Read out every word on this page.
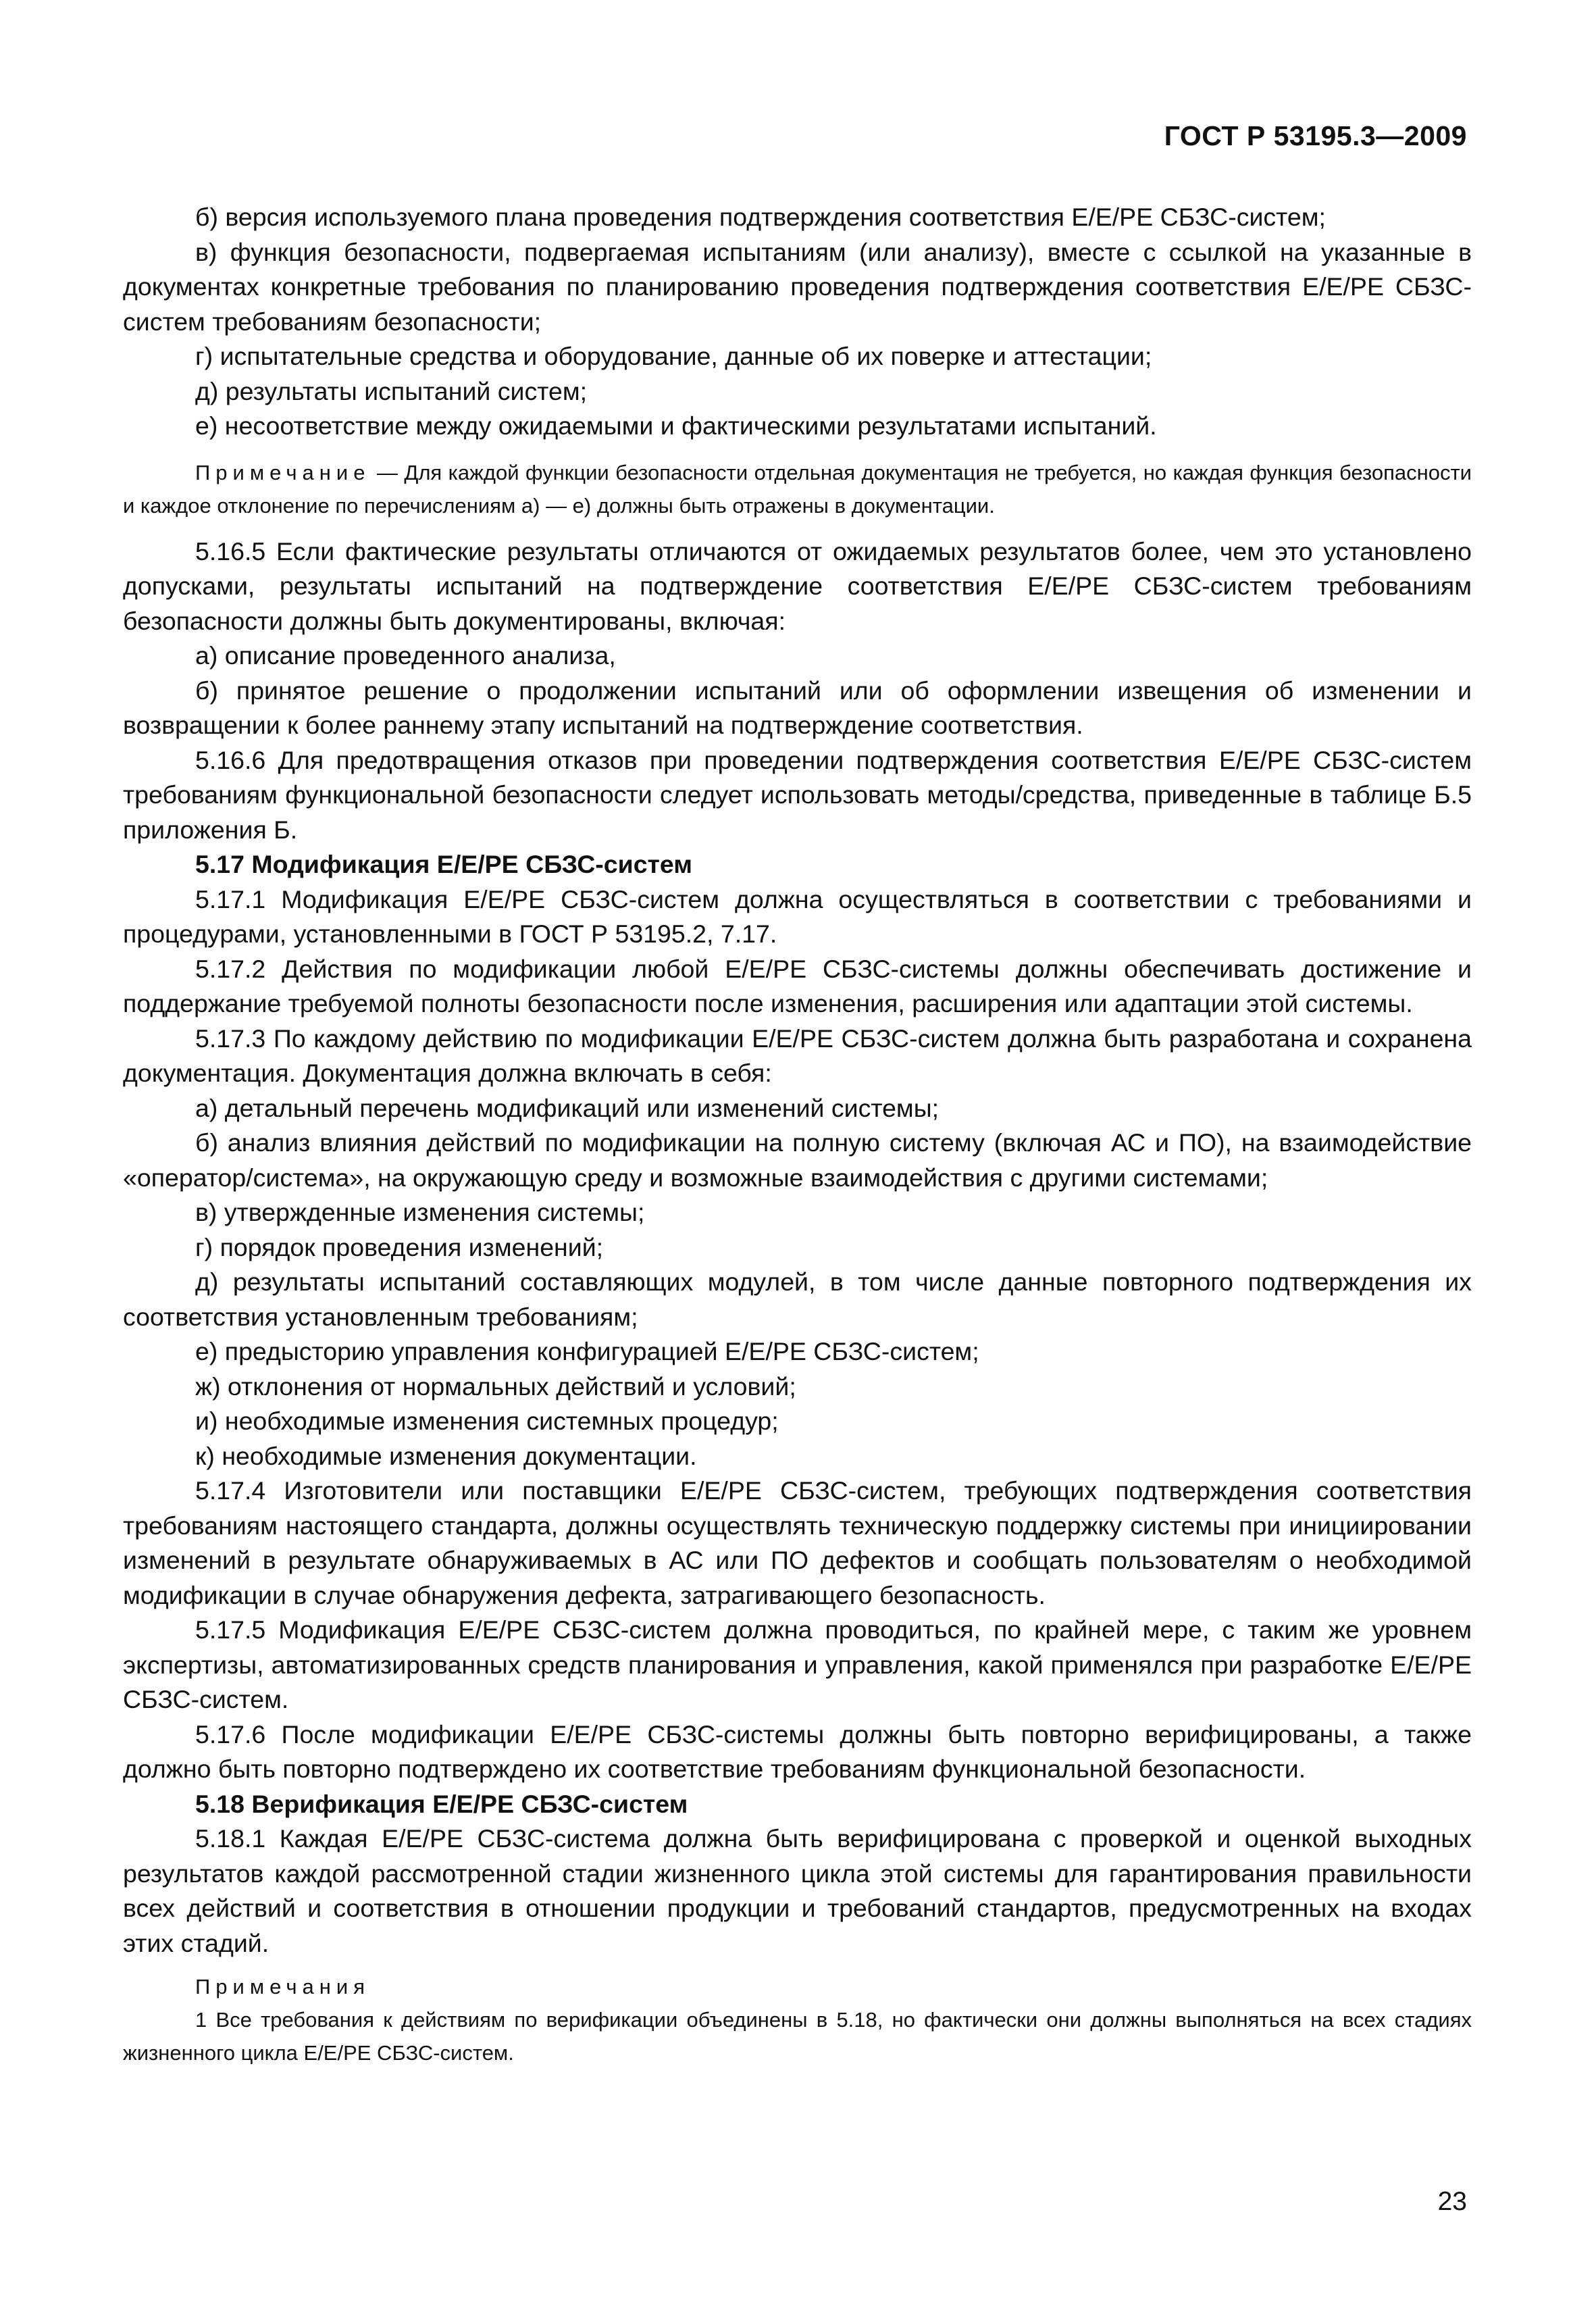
ГОСТ Р 53195.3—2009

б) версия используемого плана проведения подтверждения соответствия Е/Е/РЕ СБЗС-систем;

в) функция безопасности, подвергаемая испытаниям (или анализу), вместе с ссылкой на указанные в документах конкретные требования по планированию проведения подтверждения соответствия Е/Е/РЕ СБЗС-систем требованиям безопасности;

г) испытательные средства и оборудование, данные об их поверке и аттестации;

д) результаты испытаний систем;

е) несоответствие между ожидаемыми и фактическими результатами испытаний.

Примечание — Для каждой функции безопасности отдельная документация не требуется, но каждая функция безопасности и каждое отклонение по перечислениям а) — е) должны быть отражены в документации.

5.16.5 Если фактические результаты отличаются от ожидаемых результатов более, чем это установлено допусками, результаты испытаний на подтверждение соответствия Е/Е/РЕ СБЗС-систем требованиям безопасности должны быть документированы, включая:

а) описание проведенного анализа,

б) принятое решение о продолжении испытаний или об оформлении извещения об изменении и возвращении к более раннему этапу испытаний на подтверждение соответствия.

5.16.6 Для предотвращения отказов при проведении подтверждения соответствия Е/Е/РЕ СБЗС-систем требованиям функциональной безопасности следует использовать методы/средства, приведенные в таблице Б.5 приложения Б.

5.17 Модификация Е/Е/РЕ СБЗС-систем

5.17.1 Модификация Е/Е/РЕ СБЗС-систем должна осуществляться в соответствии с требованиями и процедурами, установленными в ГОСТ Р 53195.2, 7.17.

5.17.2 Действия по модификации любой Е/Е/РЕ СБЗС-системы должны обеспечивать достижение и поддержание требуемой полноты безопасности после изменения, расширения или адаптации этой системы.

5.17.3 По каждому действию по модификации Е/Е/РЕ СБЗС-систем должна быть разработана и сохранена документация. Документация должна включать в себя:

а) детальный перечень модификаций или изменений системы;

б) анализ влияния действий по модификации на полную систему (включая АС и ПО), на взаимодействие «оператор/система», на окружающую среду и возможные взаимодействия с другими системами;

в) утвержденные изменения системы;

г) порядок проведения изменений;

д) результаты испытаний составляющих модулей, в том числе данные повторного подтверждения их соответствия установленным требованиям;

е) предысторию управления конфигурацией Е/Е/РЕ СБЗС-систем;

ж) отклонения от нормальных действий и условий;

и) необходимые изменения системных процедур;

к) необходимые изменения документации.

5.17.4 Изготовители или поставщики Е/Е/РЕ СБЗС-систем, требующих подтверждения соответствия требованиям настоящего стандарта, должны осуществлять техническую поддержку системы при инициировании изменений в результате обнаруживаемых в АС или ПО дефектов и сообщать пользователям о необходимой модификации в случае обнаружения дефекта, затрагивающего безопасность.

5.17.5 Модификация Е/Е/РЕ СБЗС-систем должна проводиться, по крайней мере, с таким же уровнем экспертизы, автоматизированных средств планирования и управления, какой применялся при разработке Е/Е/РЕ СБЗС-систем.

5.17.6 После модификации Е/Е/РЕ СБЗС-системы должны быть повторно верифицированы, а также должно быть повторно подтверждено их соответствие требованиям функциональной безопасности.

5.18 Верификация Е/Е/РЕ СБЗС-систем

5.18.1 Каждая Е/Е/РЕ СБЗС-система должна быть верифицирована с проверкой и оценкой выходных результатов каждой рассмотренной стадии жизненного цикла этой системы для гарантирования правильности всех действий и соответствия в отношении продукции и требований стандартов, предусмотренных на входах этих стадий.

Примечания
1 Все требования к действиям по верификации объединены в 5.18, но фактически они должны выполняться на всех стадиях жизненного цикла Е/Е/РЕ СБЗС-систем.
23
